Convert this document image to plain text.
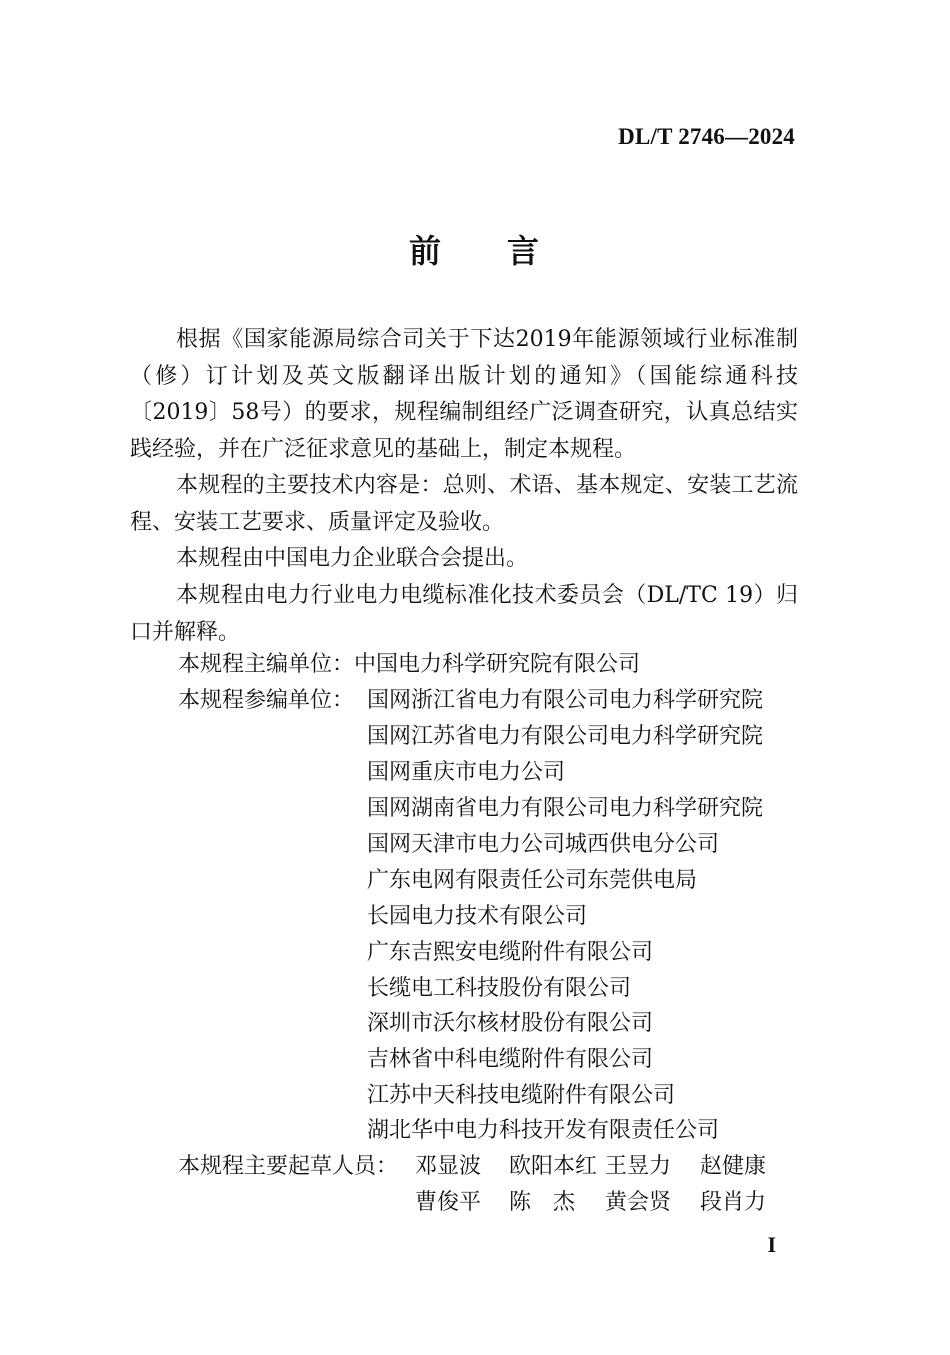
DL/T 2746—2024
前 言
根据《国家能源局综合司关于下达2019年能源领域行业标准制（修）订计划及英文版翻译出版计划的通知》（国能综通科技〔2019〕58号）的要求，规程编制组经广泛调查研究，认真总结实践经验，并在广泛征求意见的基础上，制定本规程。
本规程的主要技术内容是：总则、术语、基本规定、安装工艺流程、安装工艺要求、质量评定及验收。
本规程由中国电力企业联合会提出。
本规程由电力行业电力电缆标准化技术委员会（DL/TC 19）归口并解释。
本规程主编单位：中国电力科学研究院有限公司
本规程参编单位： 国网浙江省电力有限公司电力科学研究院
国网江苏省电力有限公司电力科学研究院
国网重庆市电力公司
国网湖南省电力有限公司电力科学研究院
国网天津市电力公司城西供电分公司
广东电网有限责任公司东莞供电局
长园电力技术有限公司
广东吉熙安电缆附件有限公司
长缆电工科技股份有限公司
深圳市沃尔核材股份有限公司
吉林省中科电缆附件有限公司
江苏中天科技电缆附件有限公司
湖北华中电力科技开发有限责任公司
本规程主要起草人员： 邓显波 欧阳本红 王昱力 赵健康
曹俊平 陈　杰 黄会贤 段肖力
I
